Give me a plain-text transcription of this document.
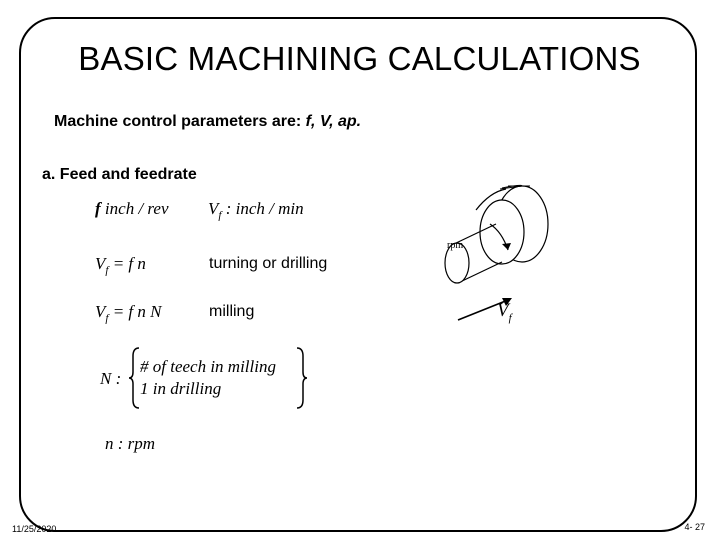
BASIC MACHINING CALCULATIONS
Machine control parameters are: f, V, ap.
a. Feed and feedrate
f inch / rev $V_f$ : inch / min
$V_f = f$ n	turning or drilling
$V_f = f$ n N	milling
N :
# of teech in milling
1 in drilling
n : rpm
rpm
$V_f$
11/25/2020	4- 27
